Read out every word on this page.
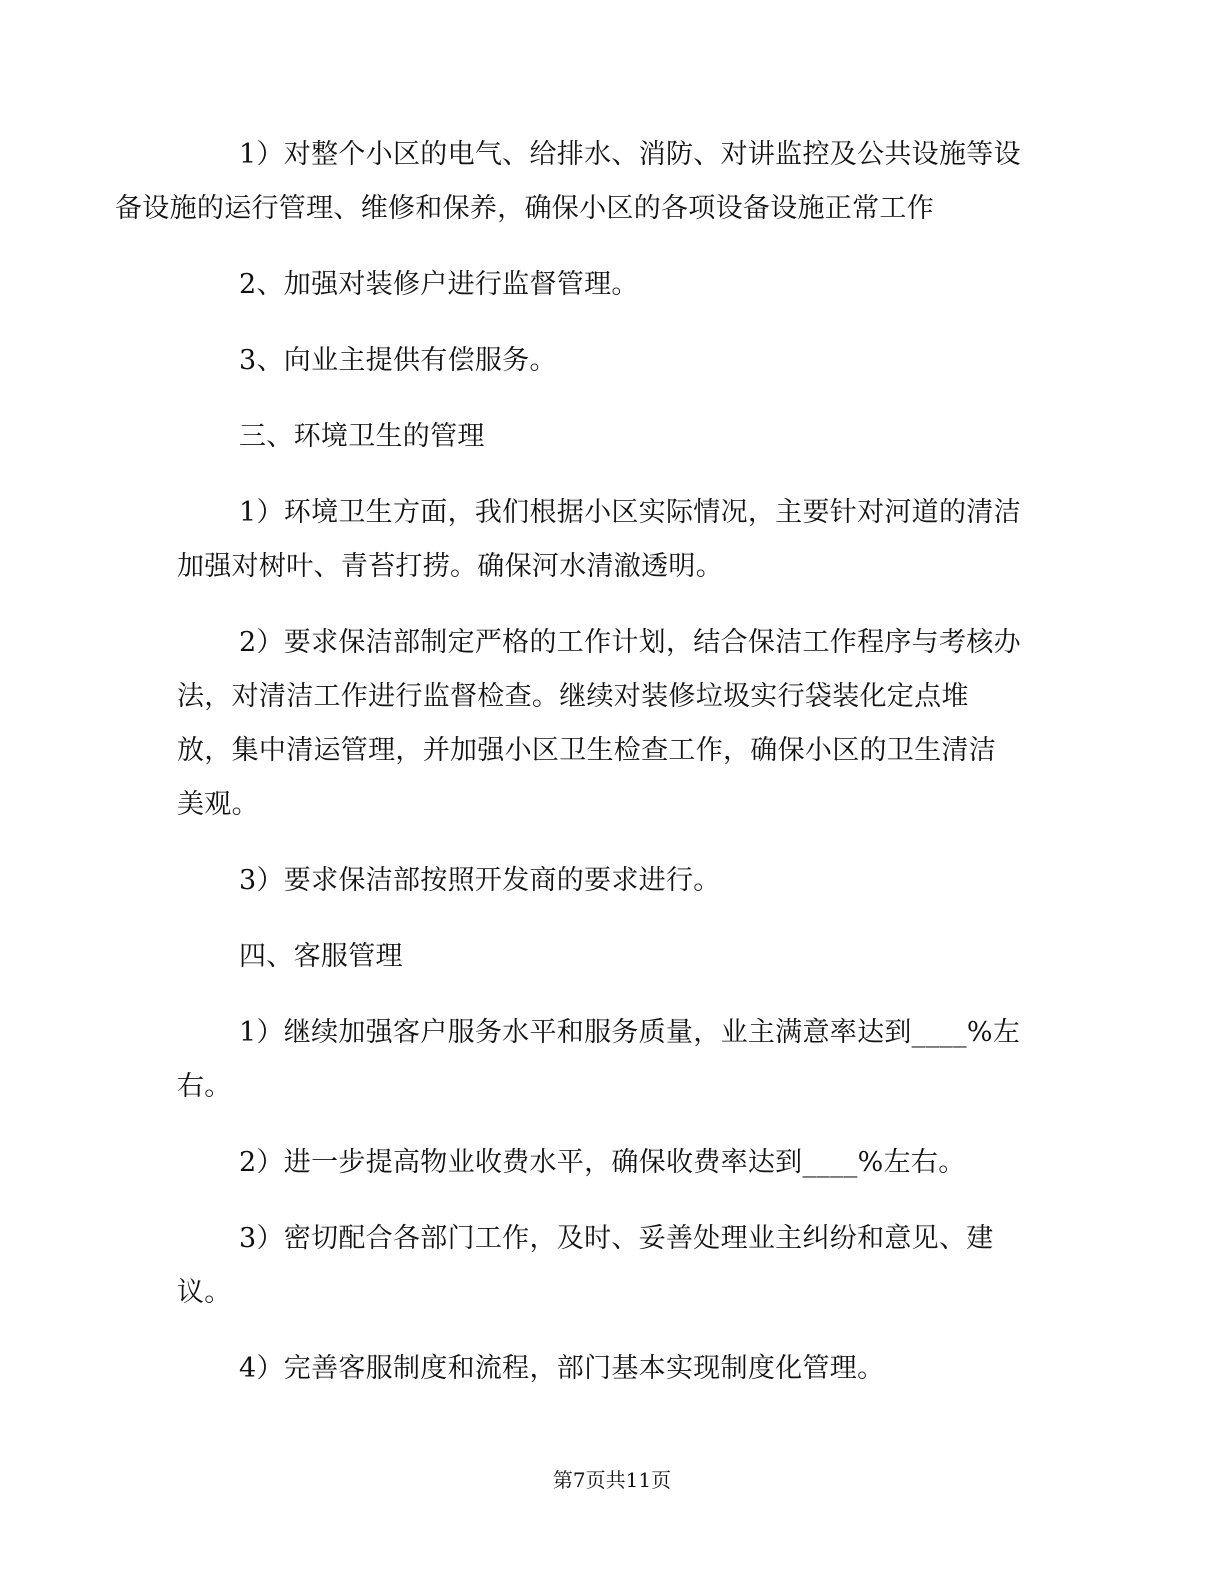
1）对整个小区的电气、给排水、消防、对讲监控及公共设施等设
备设施的运行管理、维修和保养，确保小区的各项设备设施正常工作

2、加强对装修户进行监督管理。

3、向业主提供有偿服务。

三、环境卫生的管理

1）环境卫生方面，我们根据小区实际情况，主要针对河道的清洁
加强对树叶、青苔打捞。确保河水清澈透明。

2）要求保洁部制定严格的工作计划，结合保洁工作程序与考核办
法，对清洁工作进行监督检查。继续对装修垃圾实行袋装化定点堆
放，集中清运管理，并加强小区卫生检查工作，确保小区的卫生清洁
美观。

3）要求保洁部按照开发商的要求进行。

四、客服管理

1）继续加强客户服务水平和服务质量，业主满意率达到____%左
右。

2）进一步提高物业收费水平，确保收费率达到____%左右。

3）密切配合各部门工作，及时、妥善处理业主纠纷和意见、建
议。

4）完善客服制度和流程，部门基本实现制度化管理。

第7页共11页
